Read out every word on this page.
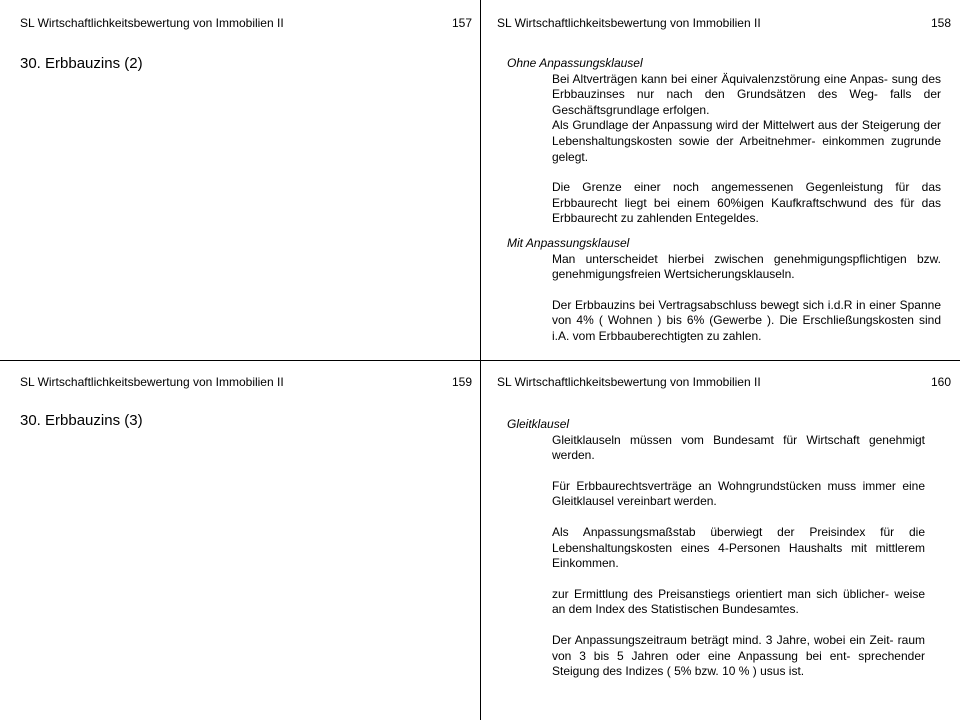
SL Wirtschaftlichkeitsbewertung von Immobilien II	157
30. Erbbauzins (2)
SL Wirtschaftlichkeitsbewertung von Immobilien II	158

Ohne Anpassungsklausel

Bei Altverträgen kann bei einer Äquivalenzstörung eine Anpas- sung des Erbbauzinses nur nach den Grundsätzen des Weg- falls der Geschäftsgrundlage erfolgen.

Als Grundlage der Anpassung wird der Mittelwert aus der Steigerung der Lebenshaltungskosten sowie der Arbeitnehmer- einkommen zugrunde gelegt.

Die Grenze einer noch angemessenen Gegenleistung für das Erbbaurecht liegt bei einem 60%igen Kaufkraftschwund des für das Erbbaurecht zu zahlenden Entegeldes.

Mit Anpassungsklausel

Man unterscheidet hierbei zwischen genehmigungspflichtigen bzw. genehmigungsfreien Wertsicherungsklauseln.

Der Erbbauzins bei Vertragsabschluss bewegt sich i.d.R in einer Spanne von 4% ( Wohnen ) bis 6% (Gewerbe ). Die Erschließungskosten sind i.A. vom Erbbauberechtigten zu zahlen.

SL Wirtschaftlichkeitsbewertung von Immobilien II	159
30. Erbbauzins (3)
SL Wirtschaftlichkeitsbewertung von Immobilien II	160

Gleitklausel

Gleitklauseln müssen vom Bundesamt für Wirtschaft genehmigt werden.

Für Erbbaurechtsverträge an Wohngrundstücken muss immer eine Gleitklausel vereinbart werden.

Als Anpassungsmaßstab überwiegt der Preisindex für die Lebenshaltungskosten eines 4-Personen Haushalts mit mittlerem Einkommen.

zur Ermittlung des Preisanstiegs orientiert man sich üblicher- weise an dem Index des Statistischen Bundesamtes.

Der Anpassungszeitraum beträgt mind. 3 Jahre, wobei ein Zeit- raum von 3 bis 5 Jahren oder eine Anpassung bei ent- sprechender Steigung des Indizes ( 5% bzw. 10 % ) usus ist.
